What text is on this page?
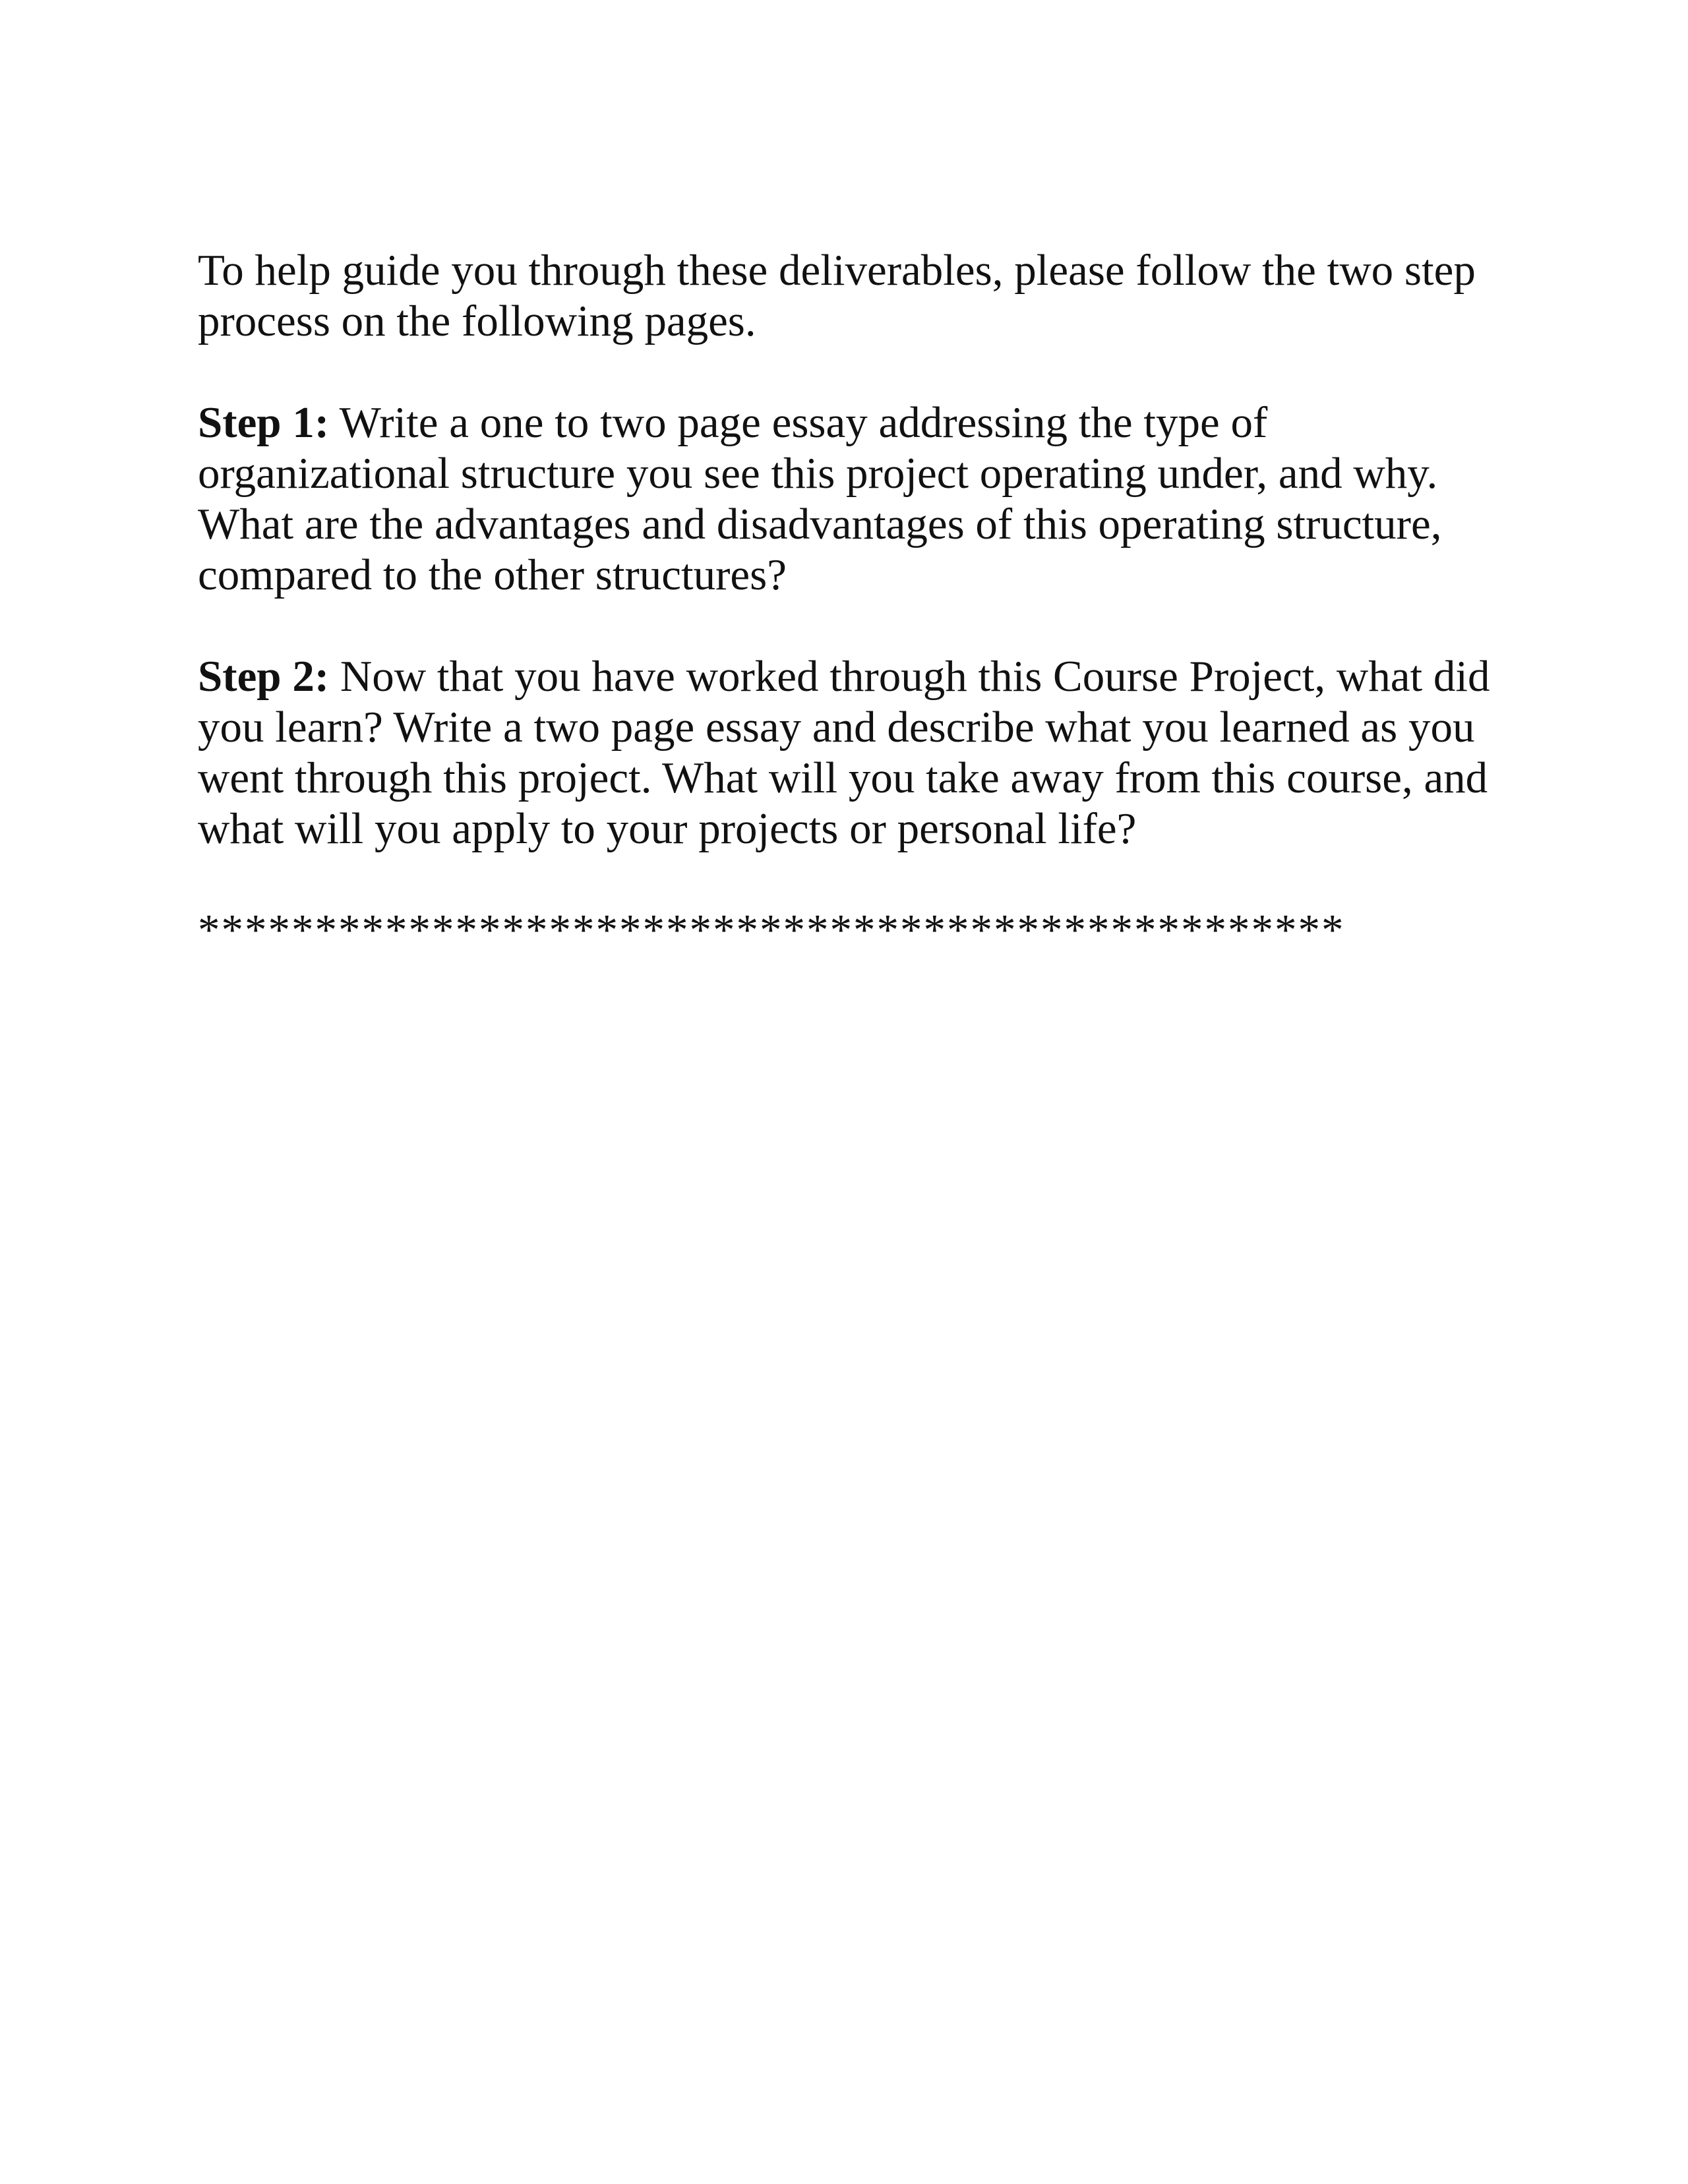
To help guide you through these deliverables, please follow the two step
process on the following pages.

Step 1: Write a one to two page essay addressing the type of
organizational structure you see this project operating under, and why.
What are the advantages and disadvantages of this operating structure,
compared to the other structures?

Step 2: Now that you have worked through this Course Project, what did
you learn? Write a two page essay and describe what you learned as you
went through this project. What will you take away from this course, and
what will you apply to your projects or personal life?

*************************************************
